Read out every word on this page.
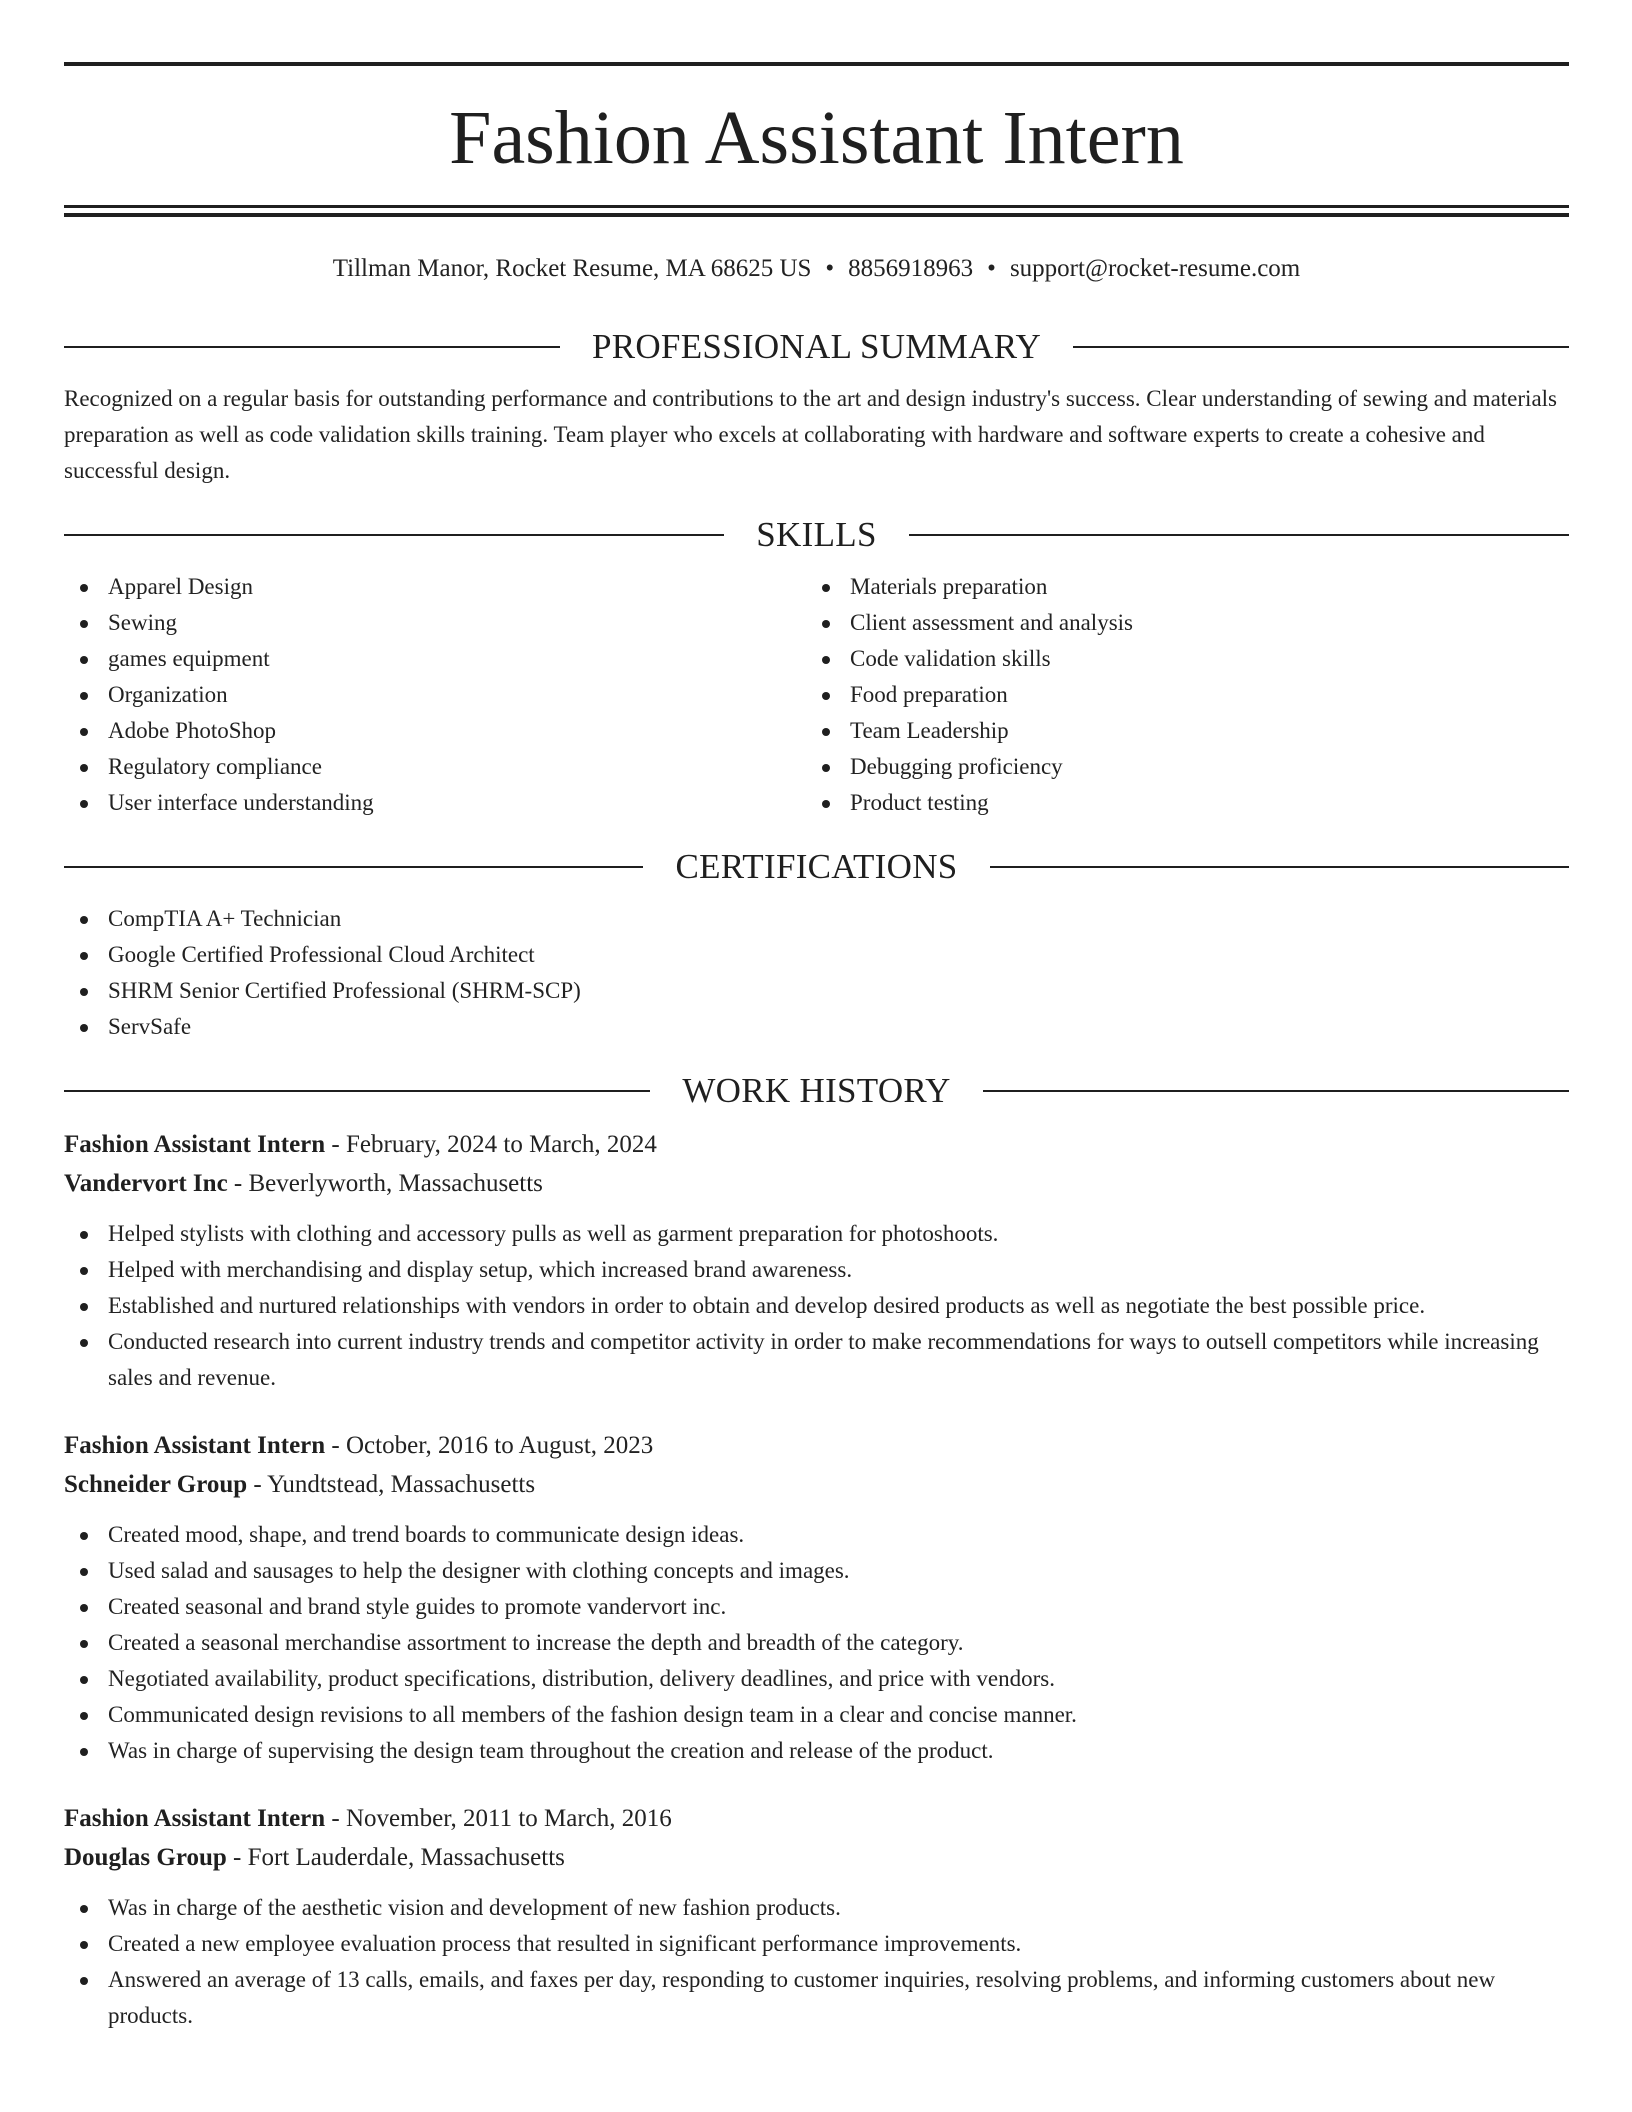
Fashion Assistant Intern
Tillman Manor, Rocket Resume, MA 68625 US • 8856918963 • support@rocket-resume.com
PROFESSIONAL SUMMARY

Recognized on a regular basis for outstanding performance and contributions to the art and design industry's success. Clear understanding of sewing and materials preparation as well as code validation skills training. Team player who excels at collaborating with hardware and software experts to create a cohesive and successful design.

SKILLS
Apparel Design
Sewing
games equipment
Organization
Adobe PhotoShop
Regulatory compliance
User interface understanding
Materials preparation
Client assessment and analysis
Code validation skills
Food preparation
Team Leadership
Debugging proficiency
Product testing
CERTIFICATIONS
CompTIA A+ Technician
Google Certified Professional Cloud Architect
SHRM Senior Certified Professional (SHRM-SCP)
ServSafe
WORK HISTORY
Fashion Assistant Intern - February, 2024 to March, 2024
Vandervort Inc - Beverlyworth, Massachusetts
Helped stylists with clothing and accessory pulls as well as garment preparation for photoshoots.
Helped with merchandising and display setup, which increased brand awareness.
Established and nurtured relationships with vendors in order to obtain and develop desired products as well as negotiate the best possible price.
Conducted research into current industry trends and competitor activity in order to make recommendations for ways to outsell competitors while increasing sales and revenue.
Fashion Assistant Intern - October, 2016 to August, 2023
Schneider Group - Yundtstead, Massachusetts
Created mood, shape, and trend boards to communicate design ideas.
Used salad and sausages to help the designer with clothing concepts and images.
Created seasonal and brand style guides to promote vandervort inc.
Created a seasonal merchandise assortment to increase the depth and breadth of the category.
Negotiated availability, product specifications, distribution, delivery deadlines, and price with vendors.
Communicated design revisions to all members of the fashion design team in a clear and concise manner.
Was in charge of supervising the design team throughout the creation and release of the product.
Fashion Assistant Intern - November, 2011 to March, 2016
Douglas Group - Fort Lauderdale, Massachusetts
Was in charge of the aesthetic vision and development of new fashion products.
Created a new employee evaluation process that resulted in significant performance improvements.
Answered an average of 13 calls, emails, and faxes per day, responding to customer inquiries, resolving problems, and informing customers about new products.
